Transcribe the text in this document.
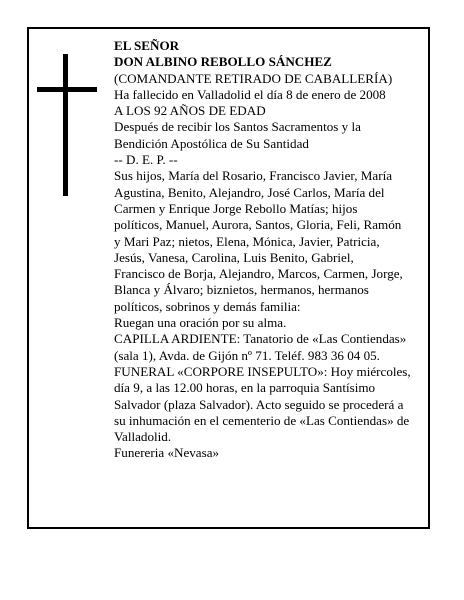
EL SEÑOR
DON ALBINO REBOLLO SÁNCHEZ
(COMANDANTE RETIRADO DE CABALLERÍA)
Ha fallecido en Valladolid el día 8 de enero de 2008
A LOS 92 AÑOS DE EDAD
Después de recibir los Santos Sacramentos y la
Bendición Apostólica de Su Santidad
-- D. E. P. --
Sus hijos, María del Rosario, Francisco Javier, María
Agustina, Benito, Alejandro, José Carlos, María del
Carmen y Enrique Jorge Rebollo Matías; hijos
políticos, Manuel, Aurora, Santos, Gloria, Feli, Ramón
y Mari Paz; nietos, Elena, Mónica, Javier, Patricia,
Jesús, Vanesa, Carolina, Luis Benito, Gabriel,
Francisco de Borja, Alejandro, Marcos, Carmen, Jorge,
Blanca y Álvaro; biznietos, hermanos, hermanos
políticos, sobrinos y demás familia:
Ruegan una oración por su alma.
CAPILLA ARDIENTE: Tanatorio de «Las Contiendas»
(sala 1), Avda. de Gijón nº 71. Teléf. 983 36 04 05.
FUNERAL «CORPORE INSEPULTO»: Hoy miércoles,
día 9, a las 12.00 horas, en la parroquia Santísimo
Salvador (plaza Salvador). Acto seguido se procederá a
su inhumación en el cementerio de «Las Contiendas» de
Valladolid.
Funereria «Nevasa»
